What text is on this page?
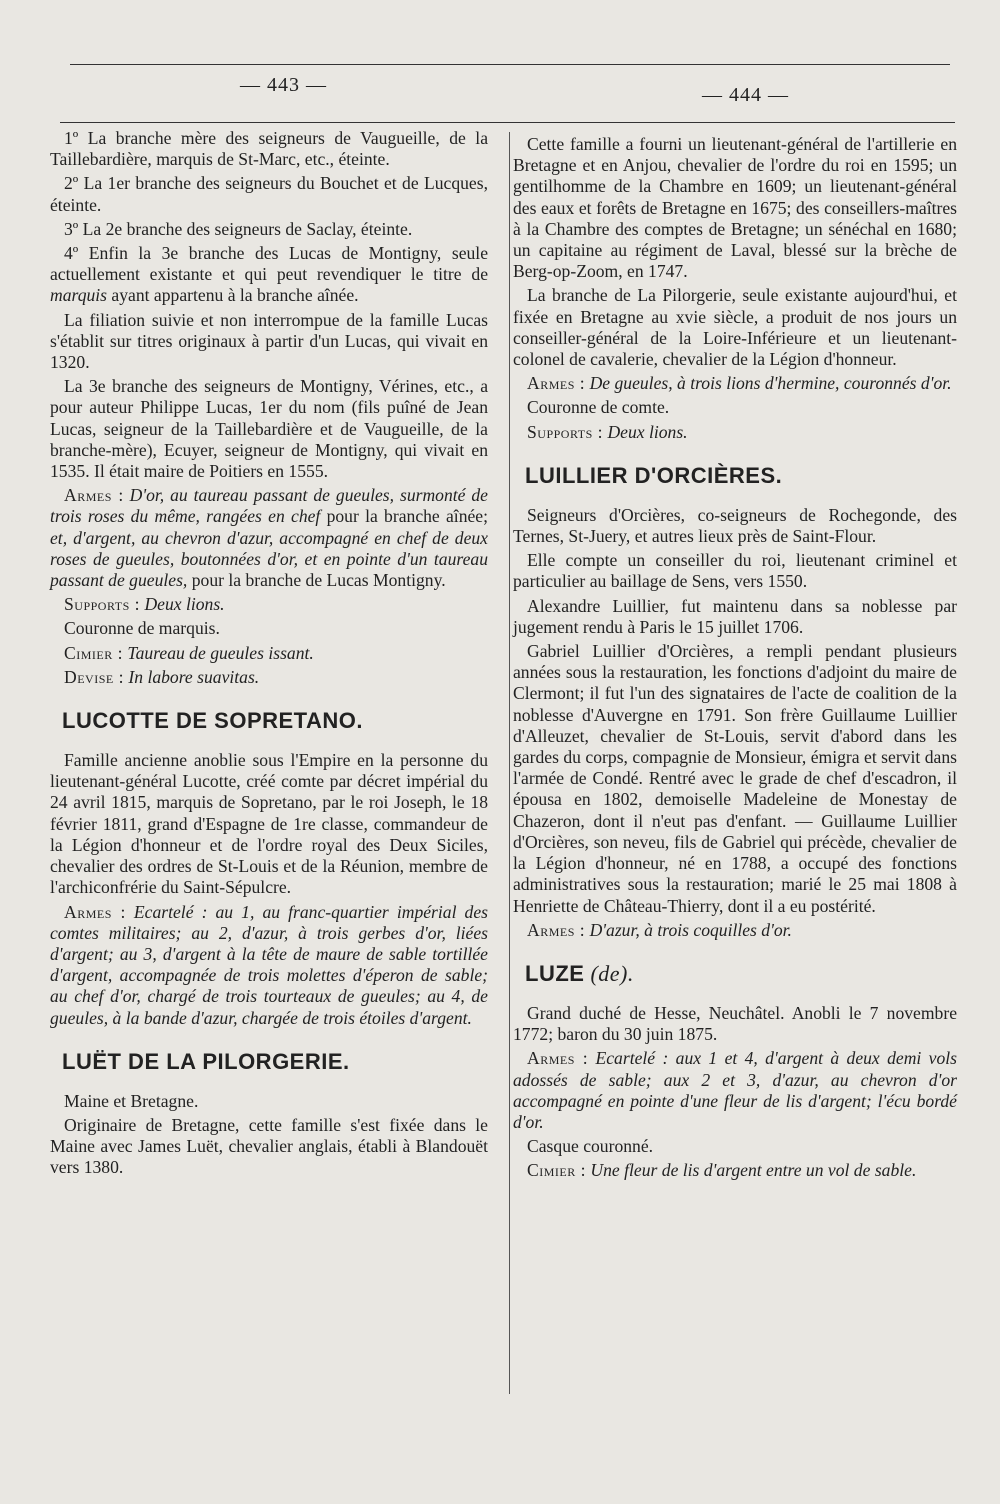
— 443 —	— 444 —

1º La branche mère des seigneurs de Vaugueille, de la Taillebardière, marquis de St-Marc, etc., éteinte.

2º La 1er branche des seigneurs du Bouchet et de Lucques, éteinte.

3º La 2e branche des seigneurs de Saclay, éteinte.

4º Enfin la 3e branche des Lucas de Montigny, seule actuellement existante et qui peut revendiquer le titre de marquis ayant appartenu à la branche aînée.

La filiation suivie et non interrompue de la famille Lucas s'établit sur titres originaux à partir d'un Lucas, qui vivait en 1320.

La 3e branche des seigneurs de Montigny, Vérines, etc., a pour auteur Philippe Lucas, 1er du nom (fils puîné de Jean Lucas, seigneur de la Taillebardière et de Vaugueille, de la branche-mère), Ecuyer, seigneur de Montigny, qui vivait en 1535. Il était maire de Poitiers en 1555.

Armes : D'or, au taureau passant de gueules, surmonté de trois roses du même, rangées en chef pour la branche aînée; et, d'argent, au chevron d'azur, accompagné en chef de deux roses de gueules, boutonnées d'or, et en pointe d'un taureau passant de gueules, pour la branche de Lucas Montigny.

Supports : Deux lions.

Couronne de marquis.

Cimier : Taureau de gueules issant.

Devise : In labore suavitas.

LUCOTTE DE SOPRETANO.

Famille ancienne anoblie sous l'Empire en la personne du lieutenant-général Lucotte, créé comte par décret impérial du 24 avril 1815, marquis de Sopretano, par le roi Joseph, le 18 février 1811, grand d'Espagne de 1re classe, commandeur de la Légion d'honneur et de l'ordre royal des Deux Siciles, chevalier des ordres de St-Louis et de la Réunion, membre de l'archiconfrérie du Saint-Sépulcre.

Armes : Ecartelé : au 1, au franc-quartier impérial des comtes militaires; au 2, d'azur, à trois gerbes d'or, liées d'argent; au 3, d'argent à la tête de maure de sable tortillée d'argent, accompagnée de trois molettes d'éperon de sable; au chef d'or, chargé de trois tourteaux de gueules; au 4, de gueules, à la bande d'azur, chargée de trois étoiles d'argent.

LUËT DE LA PILORGERIE.

Maine et Bretagne.

Originaire de Bretagne, cette famille s'est fixée dans le Maine avec James Luët, chevalier anglais, établi à Blandouët vers 1380.

Cette famille a fourni un lieutenant-général de l'artillerie en Bretagne et en Anjou, chevalier de l'ordre du roi en 1595; un gentilhomme de la Chambre en 1609; un lieutenant-général des eaux et forêts de Bretagne en 1675; des conseillers-maîtres à la Chambre des comptes de Bretagne; un sénéchal en 1680; un capitaine au régiment de Laval, blessé sur la brèche de Berg-op-Zoom, en 1747.

La branche de La Pilorgerie, seule existante aujourd'hui, et fixée en Bretagne au xvie siècle, a produit de nos jours un conseiller-général de la Loire-Inférieure et un lieutenant-colonel de cavalerie, chevalier de la Légion d'honneur.

Armes : De gueules, à trois lions d'hermine, couronnés d'or.

Couronne de comte.

Supports : Deux lions.

LUILLIER D'ORCIÈRES.

Seigneurs d'Orcières, co-seigneurs de Rochegonde, des Ternes, St-Juery, et autres lieux près de Saint-Flour.

Elle compte un conseiller du roi, lieutenant criminel et particulier au baillage de Sens, vers 1550.

Alexandre Luillier, fut maintenu dans sa noblesse par jugement rendu à Paris le 15 juillet 1706.

Gabriel Luillier d'Orcières, a rempli pendant plusieurs années sous la restauration, les fonctions d'adjoint du maire de Clermont; il fut l'un des signataires de l'acte de coalition de la noblesse d'Auvergne en 1791. Son frère Guillaume Luillier d'Alleuzet, chevalier de St-Louis, servit d'abord dans les gardes du corps, compagnie de Monsieur, émigra et servit dans l'armée de Condé. Rentré avec le grade de chef d'escadron, il épousa en 1802, demoiselle Madeleine de Monestay de Chazeron, dont il n'eut pas d'enfant. — Guillaume Luillier d'Orcières, son neveu, fils de Gabriel qui précède, chevalier de la Légion d'honneur, né en 1788, a occupé des fonctions administratives sous la restauration; marié le 25 mai 1808 à Henriette de Château-Thierry, dont il a eu postérité.

Armes : D'azur, à trois coquilles d'or.

LUZE (de).

Grand duché de Hesse, Neuchâtel. Anobli le 7 novembre 1772; baron du 30 juin 1875.

Armes : Ecartelé : aux 1 et 4, d'argent à deux demi vols adossés de sable; aux 2 et 3, d'azur, au chevron d'or accompagné en pointe d'une fleur de lis d'argent; l'écu bordé d'or.

Casque couronné.

Cimier : Une fleur de lis d'argent entre un vol de sable.
